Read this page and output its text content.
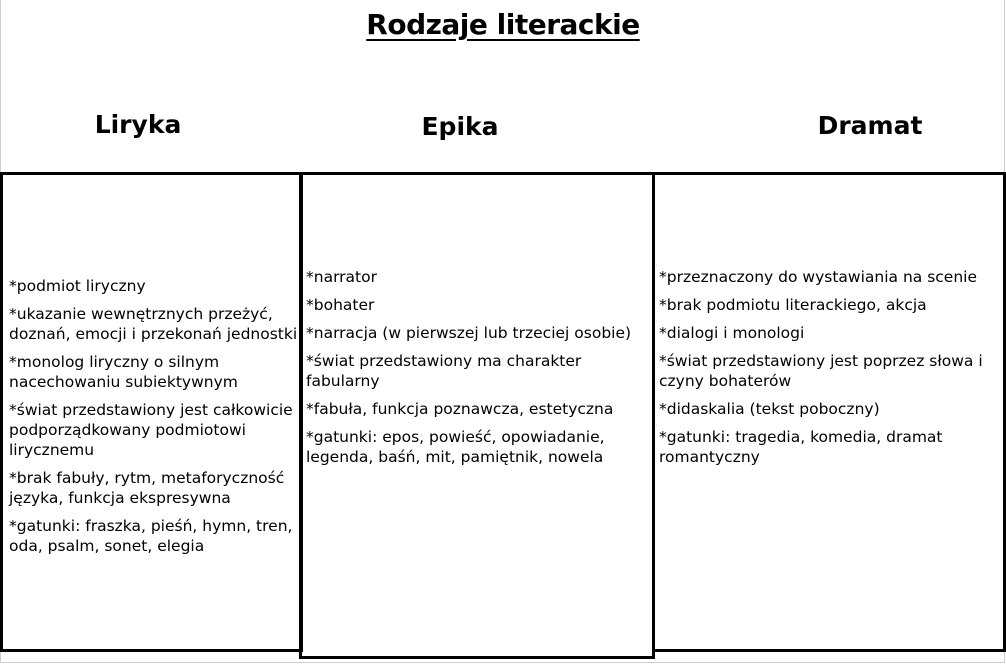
Rodzaje literackie
Liryka	Epika	Dramat
*podmiot liryczny
*ukazanie wewnętrznych przeżyć, doznań, emocji i przekonań jednostki
*monolog liryczny o silnym nacechowaniu subiektywnym
*świat przedstawiony jest całkowicie podporządkowany podmiotowi lirycznemu
*brak fabuły, rytm, metaforyczność języka, funkcja ekspresywna
*gatunki: fraszka, pieśń, hymn, tren, oda, psalm, sonet, elegia
*narrator
*bohater
*narracja (w pierwszej lub trzeciej osobie)
*świat przedstawiony ma charakter fabularny
*fabuła, funkcja poznawcza, estetyczna
*gatunki: epos, powieść, opowiadanie, legenda, baśń, mit, pamiętnik, nowela
*przeznaczony do wystawiania na scenie
*brak podmiotu literackiego, akcja
*dialogi i monologi
*świat przedstawiony jest poprzez słowa i czyny bohaterów
*didaskalia (tekst poboczny)
*gatunki: tragedia, komedia, dramat romantyczny
